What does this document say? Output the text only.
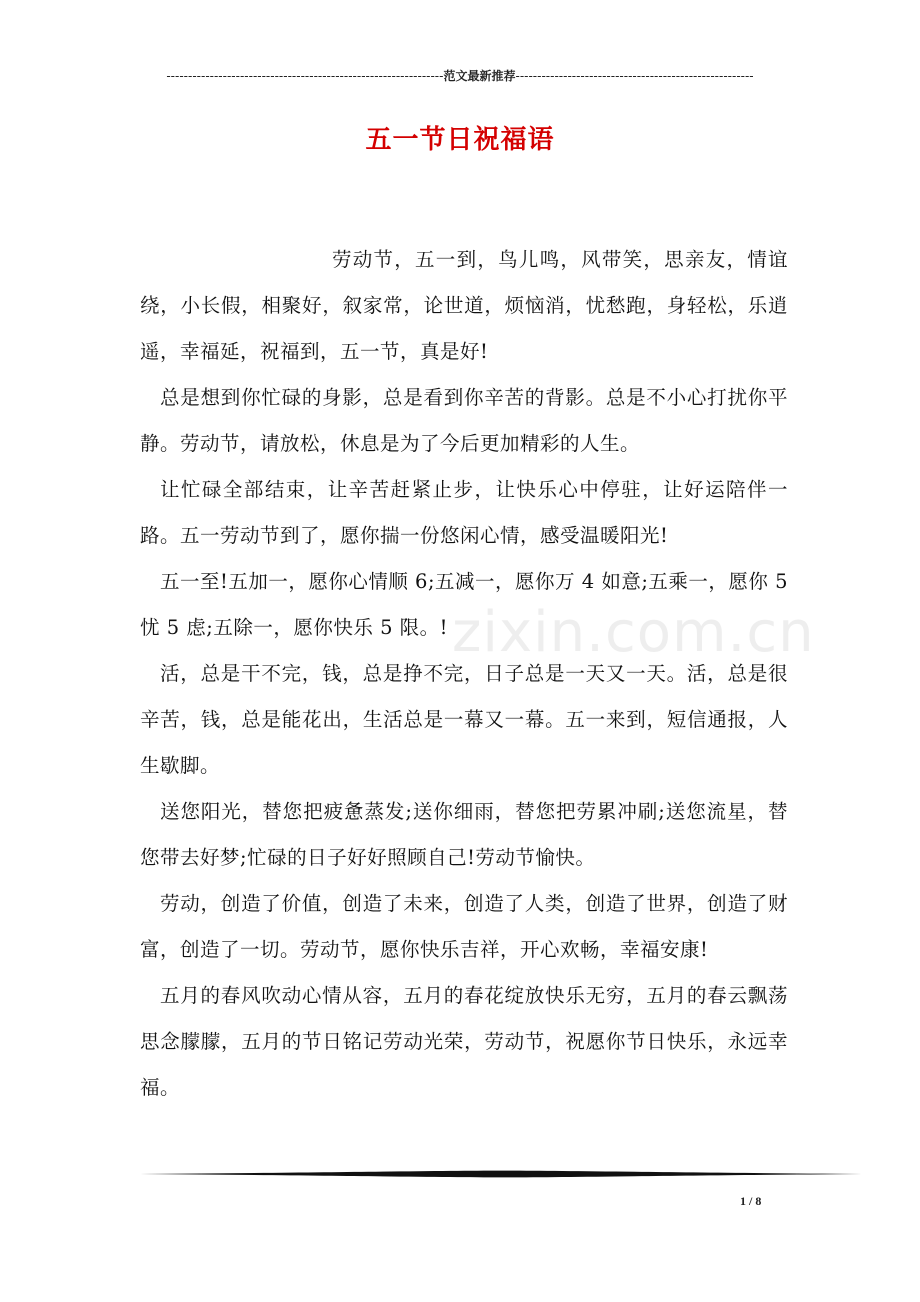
----------------------------------------------------------------范文最新推荐-------------------------------------------------------
五一节日祝福语
zixin.com.cn

劳动节，五一到，鸟儿鸣，风带笑，思亲友，情谊绕，小长假，相聚好，叙家常，论世道，烦恼消，忧愁跑，身轻松，乐逍遥，幸福延，祝福到，五一节，真是好!

总是想到你忙碌的身影，总是看到你辛苦的背影。总是不小心打扰你平静。劳动节，请放松，休息是为了今后更加精彩的人生。

让忙碌全部结束，让辛苦赶紧止步，让快乐心中停驻，让好运陪伴一路。五一劳动节到了，愿你揣一份悠闲心情，感受温暖阳光!

五一至!五加一，愿你心情顺 6;五减一，愿你万 4 如意;五乘一，愿你 5 忧 5 虑;五除一，愿你快乐 5 限。!

活，总是干不完，钱，总是挣不完，日子总是一天又一天。活，总是很辛苦，钱，总是能花出，生活总是一幕又一幕。五一来到，短信通报，人生歇脚。

送您阳光，替您把疲惫蒸发;送你细雨，替您把劳累冲刷;送您流星，替您带去好梦;忙碌的日子好好照顾自己!劳动节愉快。

劳动，创造了价值，创造了未来，创造了人类，创造了世界，创造了财富，创造了一切。劳动节，愿你快乐吉祥，开心欢畅，幸福安康!

五月的春风吹动心情从容，五月的春花绽放快乐无穷，五月的春云飘荡思念朦朦，五月的节日铭记劳动光荣，劳动节，祝愿你节日快乐，永远幸福。

1 / 8
